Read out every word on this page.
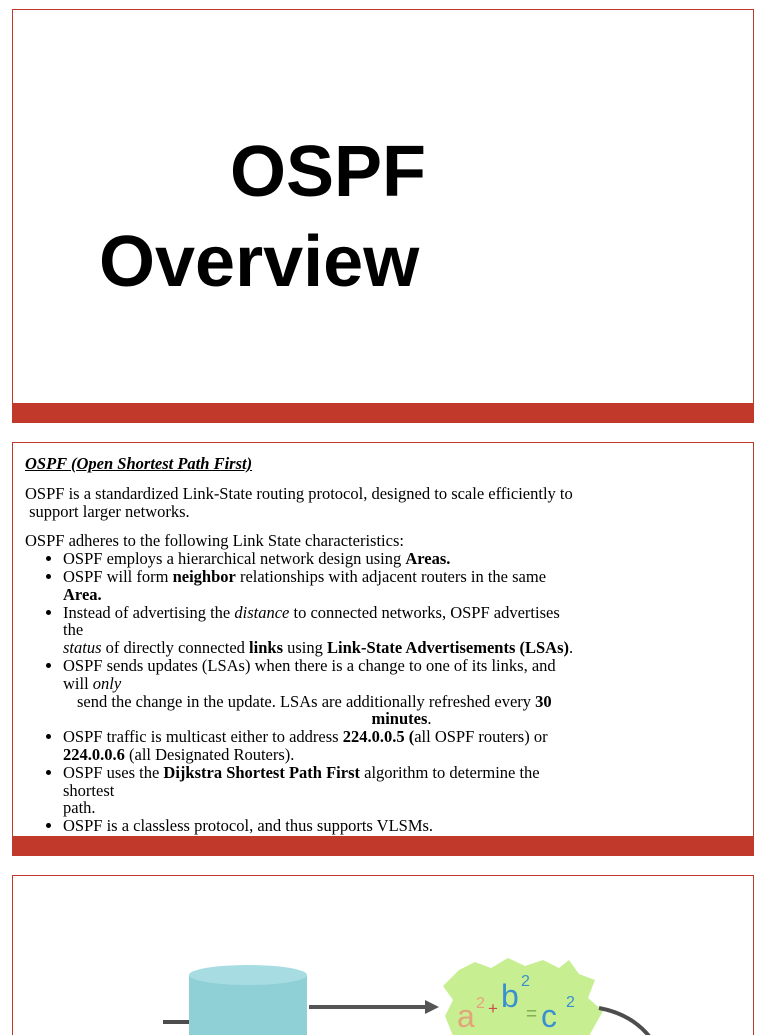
OSPF
Overview
OSPF (Open Shortest Path First)
OSPF is a standardized Link-State routing protocol, designed to scale efficiently to
support larger networks.
OSPF adheres to the following Link State characteristics:
• OSPF employs a hierarchical network design using Areas.
• OSPF will form neighbor relationships with adjacent routers in the same
Area.
• Instead of advertising the distance to connected networks, OSPF advertises
the
status of directly connected links using Link-State Advertisements (LSAs).
• OSPF sends updates (LSAs) when there is a change to one of its links, and
will only

send the change in the update. LSAs are additionally refreshed every 30
minutes.
• OSPF traffic is multicast either to address 224.0.0.5 (all OSPF routers) or
224.0.0.6 (all Designated Routers).
• OSPF uses the Dijkstra Shortest Path First algorithm to determine the
shortest
path.
• OSPF is a classless protocol, and thus supports VLSMs.
a 2 + b 2
= c 2
